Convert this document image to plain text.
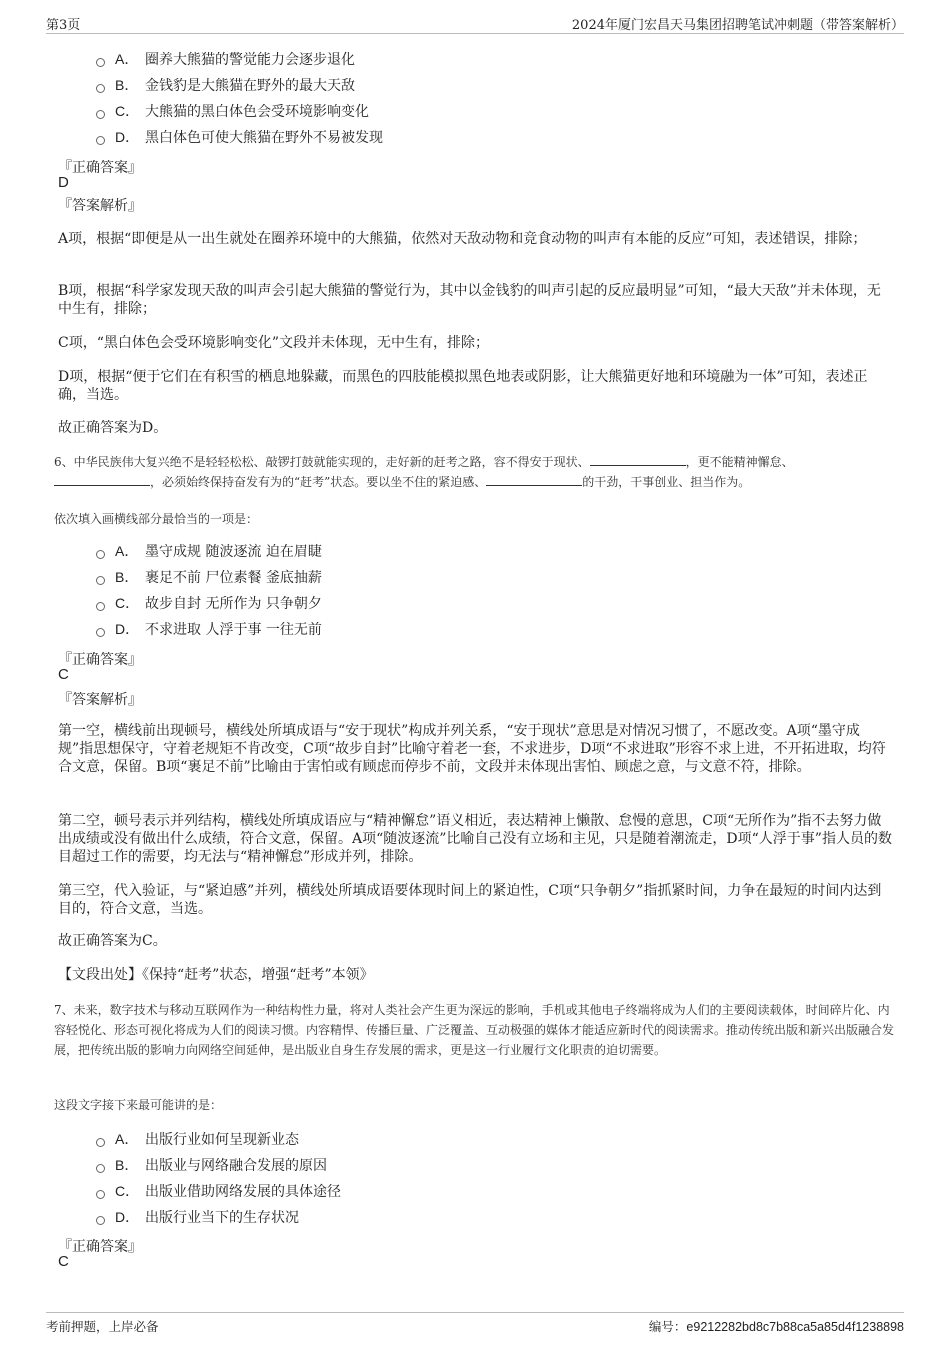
第3页	2024年厦门宏昌天马集团招聘笔试冲刺题（带答案解析）
A． 圈养大熊猫的警觉能力会逐步退化
B． 金钱豹是大熊猫在野外的最大天敌
C． 大熊猫的黑白体色会受环境影响变化
D． 黑白体色可使大熊猫在野外不易被发现
『正确答案』
D
『答案解析』
A项，根据“即便是从一出生就处在圈养环境中的大熊猫，依然对天敌动物和竞食动物的叫声有本能的反应”可知，表述错误，排除；
B项，根据“科学家发现天敌的叫声会引起大熊猫的警觉行为，其中以金钱豹的叫声引起的反应最明显”可知，“最大天敌”并未体现，无中生有，排除；
C项，“黑白体色会受环境影响变化”文段并未体现，无中生有，排除；
D项，根据“便于它们在有积雪的栖息地躲藏，而黑色的四肢能模拟黑色地表或阴影，让大熊猫更好地和环境融为一体”可知，表述正确，当选。
故正确答案为D。
6、中华民族伟大复兴绝不是轻轻松松、敲锣打鼓就能实现的，走好新的赶考之路，容不得安于现状、	，更不能精神懈怠、
，必须始终保持奋发有为的“赶考”状态。要以坐不住的紧迫感、	的干劲，干事创业、担当作为。
依次填入画横线部分最恰当的一项是：
A． 墨守成规 随波逐流 迫在眉睫
B． 裹足不前 尸位素餐 釜底抽薪
C． 故步自封 无所作为 只争朝夕
D． 不求进取 人浮于事 一往无前
『正确答案』
C
『答案解析』
第一空，横线前出现顿号，横线处所填成语与“安于现状”构成并列关系，“安于现状”意思是对情况习惯了，不愿改变。A项“墨守成规”指思想保守，守着老规矩不肯改变，C项“故步自封”比喻守着老一套，不求进步，D项“不求进取”形容不求上进，不开拓进取，均符合文意，保留。B项“裹足不前”比喻由于害怕或有顾虑而停步不前，文段并未体现出害怕、顾虑之意，与文意不符，排除。
第二空，顿号表示并列结构，横线处所填成语应与“精神懈怠”语义相近，表达精神上懒散、怠慢的意思，C项“无所作为”指不去努力做出成绩或没有做出什么成绩，符合文意，保留。A项“随波逐流”比喻自己没有立场和主见，只是随着潮流走，D项“人浮于事”指人员的数目超过工作的需要，均无法与“精神懈怠”形成并列，排除。
第三空，代入验证，与“紧迫感”并列，横线处所填成语要体现时间上的紧迫性，C项“只争朝夕”指抓紧时间，力争在最短的时间内达到目的，符合文意，当选。
故正确答案为C。
【文段出处】《保持“赶考”状态，增强“赶考”本领》
7、未来，数字技术与移动互联网作为一种结构性力量，将对人类社会产生更为深远的影响，手机或其他电子终端将成为人们的主要阅读载体，时间碎片化、内容轻悦化、形态可视化将成为人们的阅读习惯。内容精悍、传播巨量、广泛覆盖、互动极强的媒体才能适应新时代的阅读需求。推动传统出版和新兴出版融合发展，把传统出版的影响力向网络空间延伸，是出版业自身生存发展的需求，更是这一行业履行文化职责的迫切需要。
这段文字接下来最可能讲的是：
A． 出版行业如何呈现新业态
B． 出版业与网络融合发展的原因
C． 出版业借助网络发展的具体途径
D． 出版行业当下的生存状况
『正确答案』
C
考前押题，上岸必备	编号：e9212282bd8c7b88ca5a85d4f1238898
